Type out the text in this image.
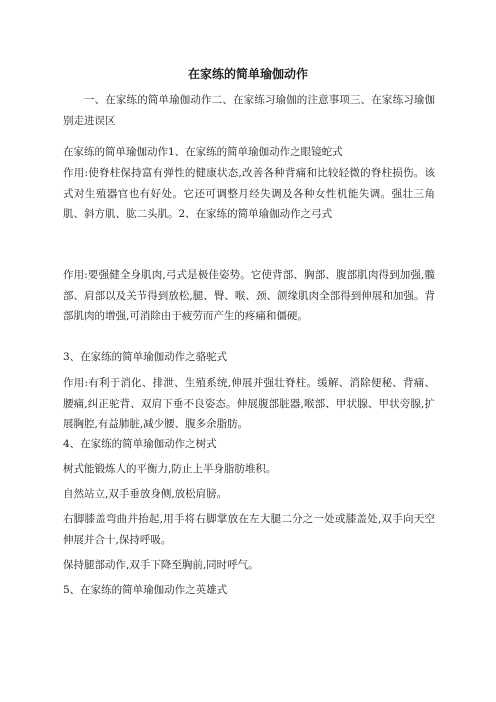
在家练的简单瑜伽动作

一、在家练的简单瑜伽动作二、在家练习瑜伽的注意事项三、在家练习瑜伽别走进误区

在家练的简单瑜伽动作1、在家练的简单瑜伽动作之眼镜蛇式

作用:使脊柱保持富有弹性的健康状态,改善各种背痛和比较轻微的脊柱损伤。该式对生殖器官也有好处。它还可调整月经失调及各种女性机能失调。强壮三角肌、斜方肌、肱二头肌。2、在家练的简单瑜伽动作之弓式

作用:要强健全身肌肉,弓式是极佳姿势。它使背部、胸部、腹部肌肉得到加强,髋部、肩部以及关节得到放松,腿、臀、喉、颈、颌缘肌肉全部得到伸展和加强。背部肌肉的增强,可消除由于疲劳而产生的疼痛和僵硬。

3、在家练的简单瑜伽动作之骆驼式

作用:有利于消化、排泄、生殖系统,伸展并强壮脊柱。缓解、消除便秘、背痛、腰痛,纠正驼背、双肩下垂不良姿态。伸展腹部脏器,喉部、甲状腺、甲状旁腺,扩展胸腔,有益肺脏,减少腰、腹多余脂肪。

4、在家练的简单瑜伽动作之树式

树式能锻炼人的平衡力,防止上半身脂肪堆积。

自然站立,双手垂放身侧,放松肩膀。

右脚膝盖弯曲并抬起,用手将右脚掌放在左大腿二分之一处或膝盖处,双手向天空伸展并合十,保持呼吸。

保持腿部动作,双手下降至胸前,同时呼气。

5、在家练的简单瑜伽动作之英雄式
